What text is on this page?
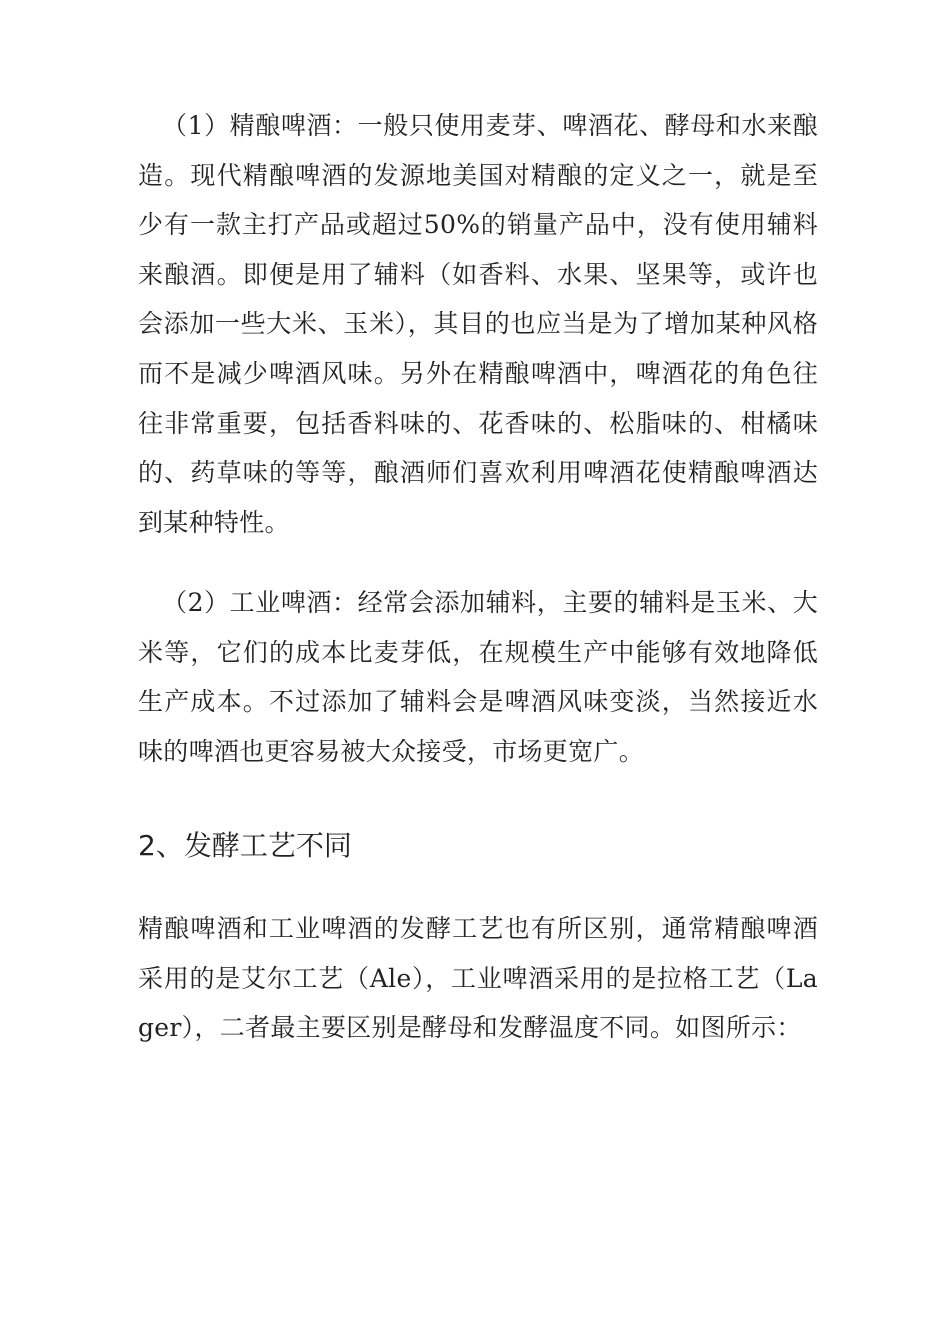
（1）精酿啤酒：一般只使用麦芽、啤酒花、酵母和水来酿造。现代精酿啤酒的发源地美国对精酿的定义之一，就是至少有一款主打产品或超过50%的销量产品中，没有使用辅料来酿酒。即便是用了辅料（如香料、水果、坚果等，或许也会添加一些大米、玉米），其目的也应当是为了增加某种风格而不是减少啤酒风味。另外在精酿啤酒中，啤酒花的角色往往非常重要，包括香料味的、花香味的、松脂味的、柑橘味的、药草味的等等，酿酒师们喜欢利用啤酒花使精酿啤酒达到某种特性。

（2）工业啤酒：经常会添加辅料，主要的辅料是玉米、大米等，它们的成本比麦芽低，在规模生产中能够有效地降低生产成本。不过添加了辅料会是啤酒风味变淡，当然接近水味的啤酒也更容易被大众接受，市场更宽广。

2、发酵工艺不同

精酿啤酒和工业啤酒的发酵工艺也有所区别，通常精酿啤酒采用的是艾尔工艺（Ale），工业啤酒采用的是拉格工艺（Lager），二者最主要区别是酵母和发酵温度不同。如图所示：
